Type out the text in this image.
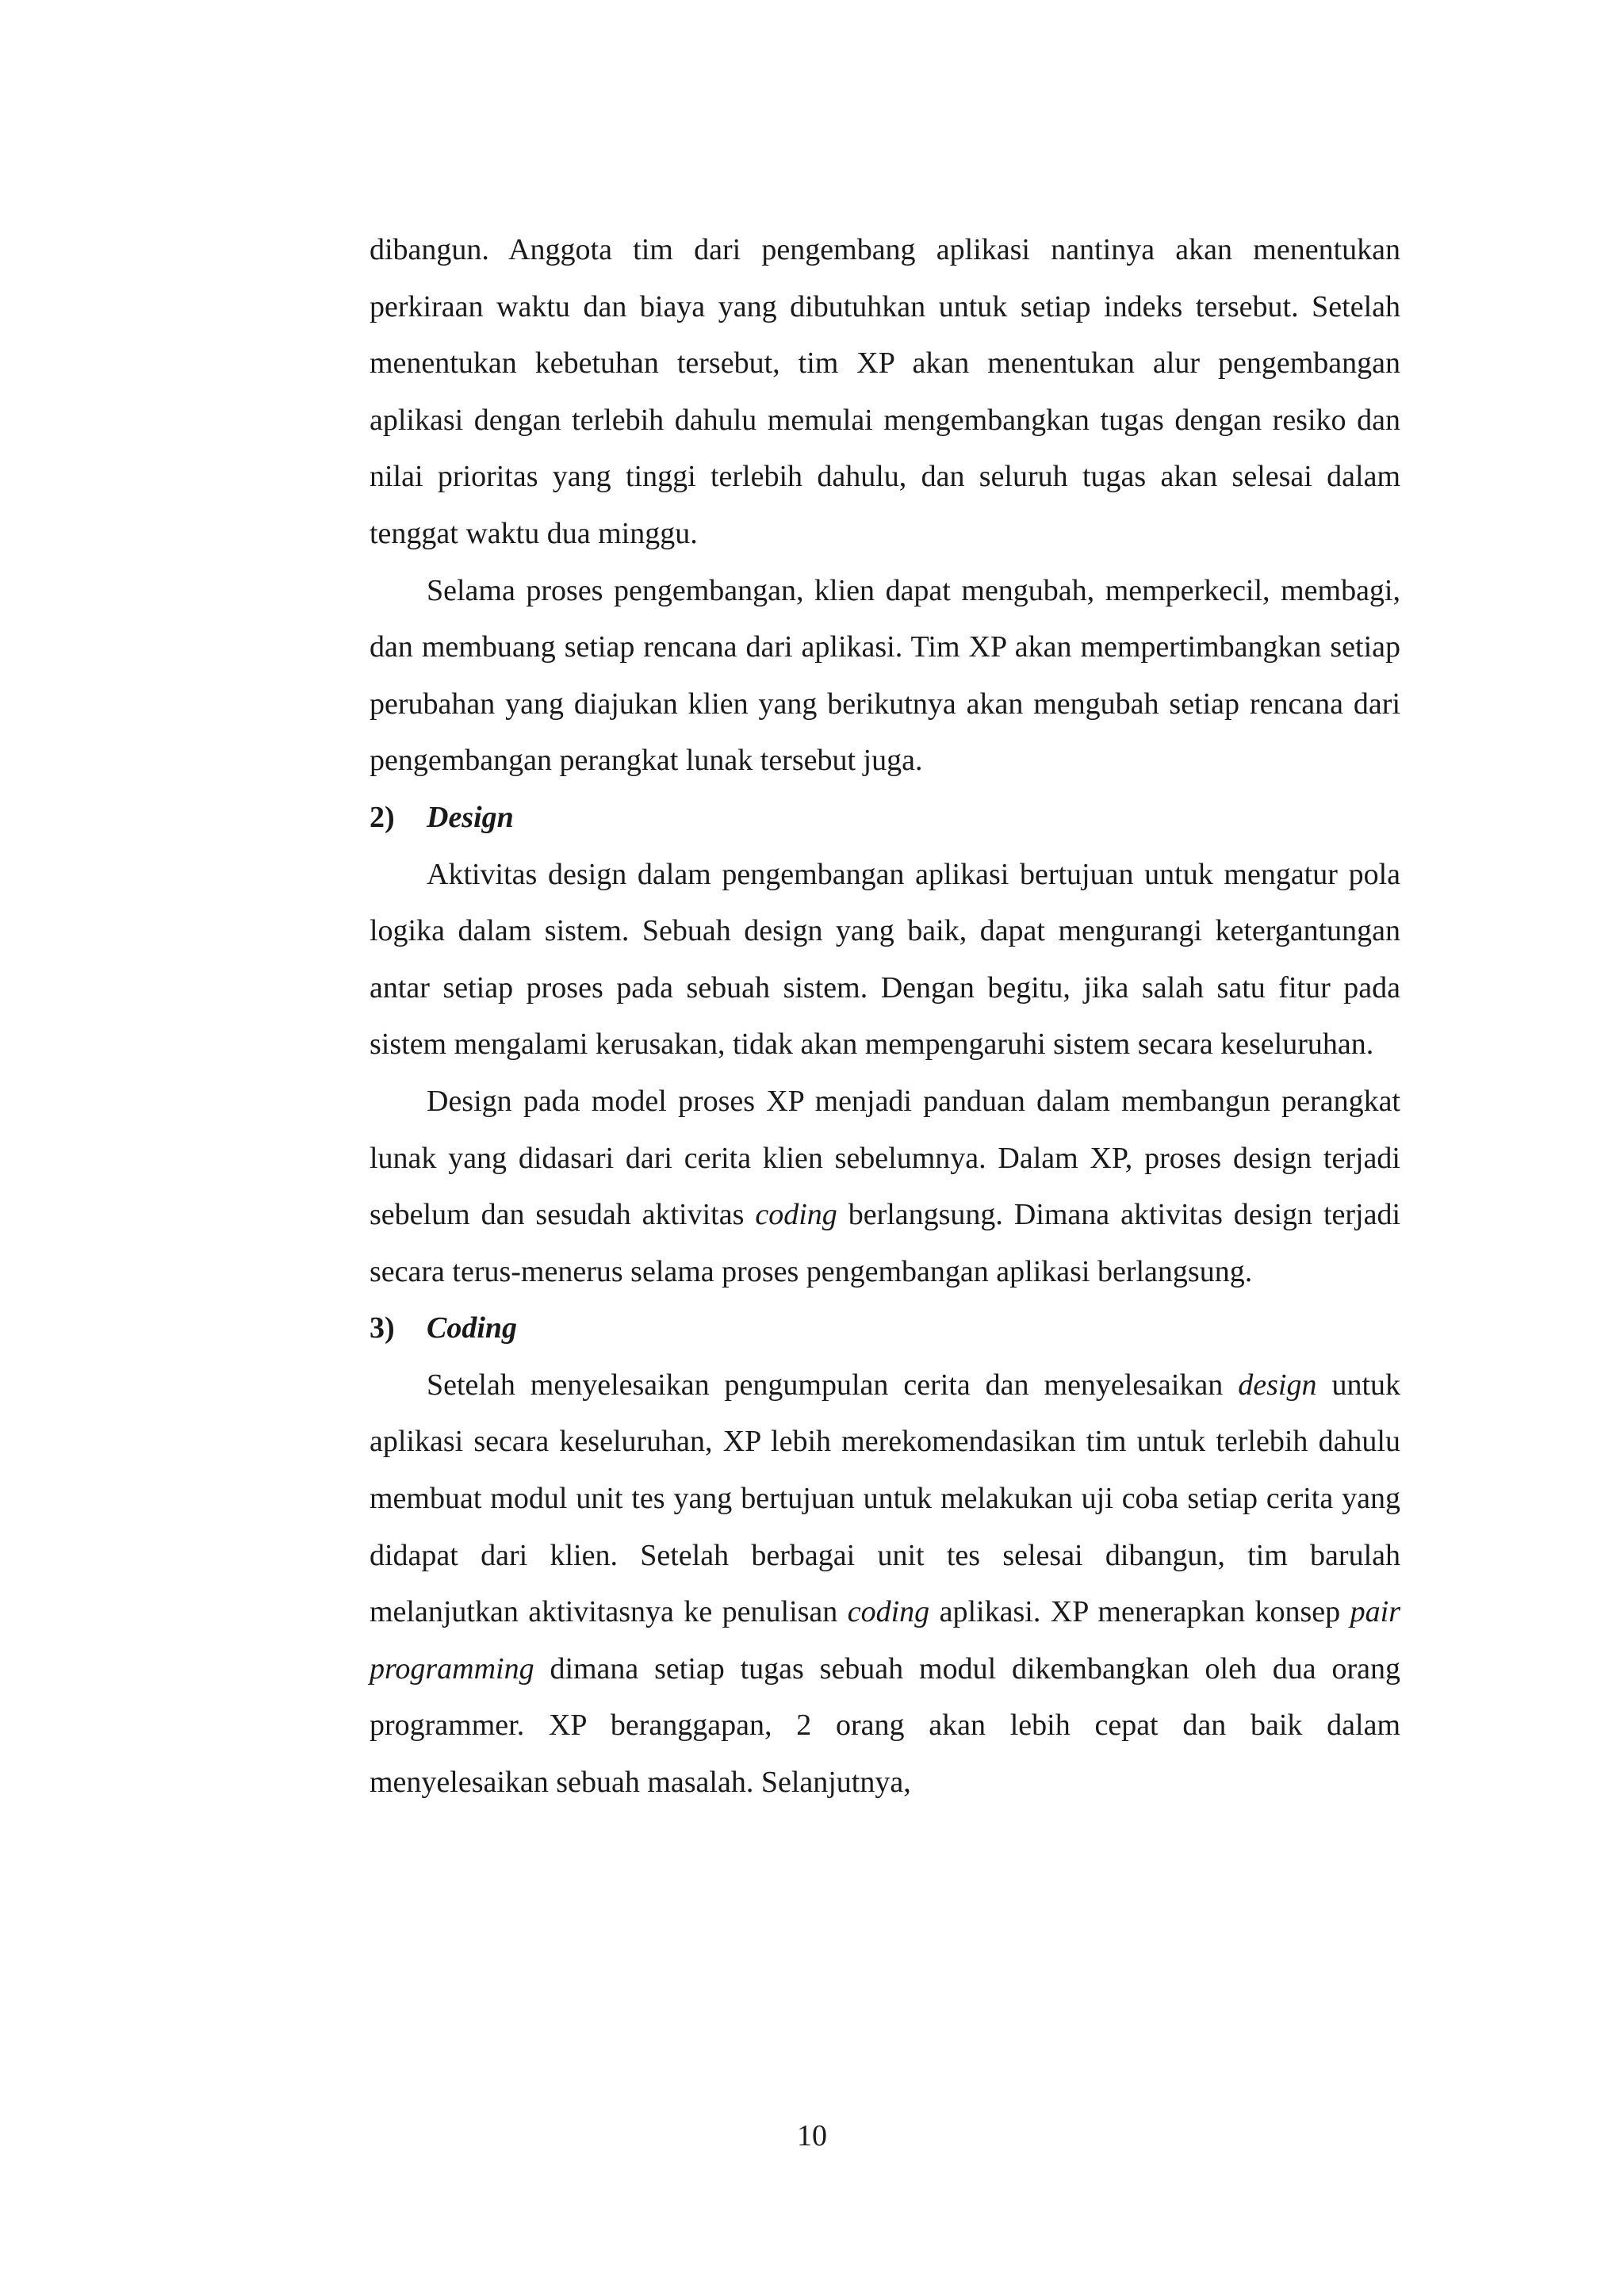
dibangun. Anggota tim dari pengembang aplikasi nantinya akan menentukan perkiraan waktu dan biaya yang dibutuhkan untuk setiap indeks tersebut. Setelah menentukan kebetuhan tersebut, tim XP akan menentukan alur pengembangan aplikasi dengan terlebih dahulu memulai mengembangkan tugas dengan resiko dan nilai prioritas yang tinggi terlebih dahulu, dan seluruh tugas akan selesai dalam tenggat waktu dua minggu.

Selama proses pengembangan, klien dapat mengubah, memperkecil, membagi, dan membuang setiap rencana dari aplikasi. Tim XP akan mempertimbangkan setiap perubahan yang diajukan klien yang berikutnya akan mengubah setiap rencana dari pengembangan perangkat lunak tersebut juga.

2)	Design

Aktivitas design dalam pengembangan aplikasi bertujuan untuk mengatur pola logika dalam sistem. Sebuah design yang baik, dapat mengurangi ketergantungan antar setiap proses pada sebuah sistem. Dengan begitu, jika salah satu fitur pada sistem mengalami kerusakan, tidak akan mempengaruhi sistem secara keseluruhan.

Design pada model proses XP menjadi panduan dalam membangun perangkat lunak yang didasari dari cerita klien sebelumnya. Dalam XP, proses design terjadi sebelum dan sesudah aktivitas coding berlangsung. Dimana aktivitas design terjadi secara terus-menerus selama proses pengembangan aplikasi berlangsung.

3)	Coding

Setelah menyelesaikan pengumpulan cerita dan menyelesaikan design untuk aplikasi secara keseluruhan, XP lebih merekomendasikan tim untuk terlebih dahulu membuat modul unit tes yang bertujuan untuk melakukan uji coba setiap cerita yang didapat dari klien. Setelah berbagai unit tes selesai dibangun, tim barulah melanjutkan aktivitasnya ke penulisan coding aplikasi. XP menerapkan konsep pair programming dimana setiap tugas sebuah modul dikembangkan oleh dua orang programmer. XP beranggapan, 2 orang akan lebih cepat dan baik dalam menyelesaikan sebuah masalah. Selanjutnya,

10
